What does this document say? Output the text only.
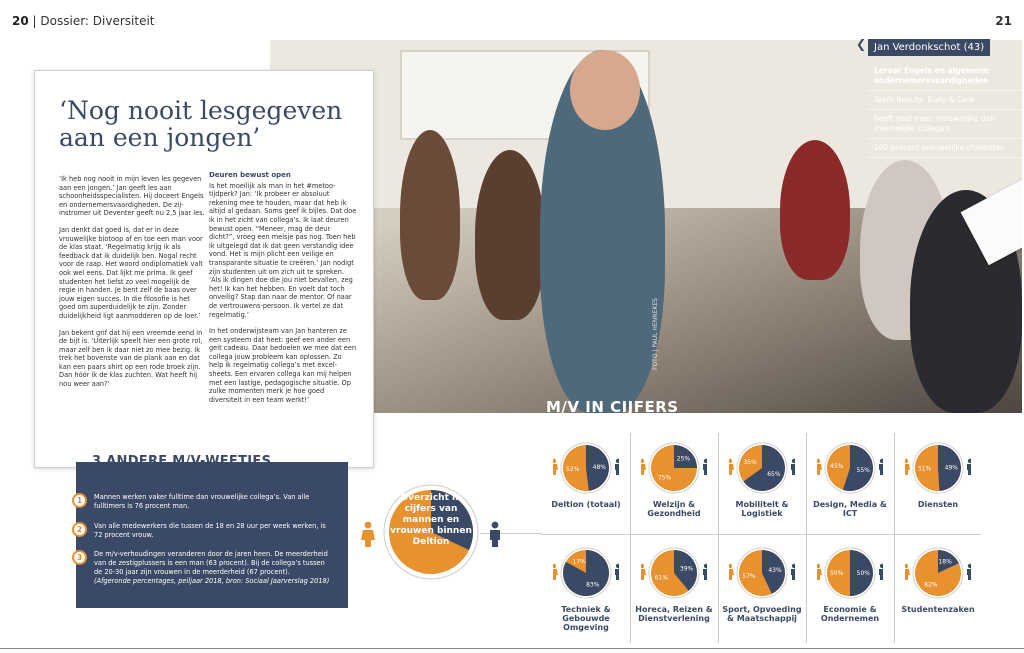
20 | Dossier: Diversiteit	21
FOTO | PAUL HENNEKES
M/V IN CIJFERS
❮ Jan Verdonkschot (43)
Leraar Engels en algemene ondernemersvaardigheden
Team Beauty, Body & Care
heeft veel meer vrouwelijke dan mannelijke collega's
100 procent vrouwelijke studenten
‘Nog nooit lesgegeven aan een jongen’

‘Ik heb nog nooit in mijn leven les gegeven aan een jongen.’ Jan geeft les aan schoonheidsspecialisten. Hij doceert Engels en ondernemersvaardigheden. De zij-instromer uit Deventer geeft nu 2,5 jaar les.

Jan denkt dat goed is, dat er in deze vrouwelijke biotoop af en toe een man voor de klas staat. ‘Regelmatig krijg ik als feedback dat ik duidelijk ben. Nogal recht voor de raap. Het woord ondiplomatiek valt ook wel eens. Dat lijkt me prima. Ik geef studenten het liefst zo veel mogelijk de regie in handen. Je bent zelf de baas over jouw eigen succes. In die filosofie is het goed om superduidelijk te zijn. Zonder duidelijkheid ligt aanmodderen op de loer.’

Jan bekent grif dat hij een vreemde eend in de bijt is. ‘Uiterlijk speelt hier een grote rol, maar zelf ben ik daar niet zo mee bezig. Ik trek het bovenste van de plank aan en dat kan een paars shirt op een rode broek zijn. Dan hóór ik de klas zuchten. Wat heeft hij nou weer aan?’

Deuren bewust open

Is het moeilijk als man in het #metoo-tijdperk? Jan: ‘Ik probeer er absoluut rekening mee te houden, maar dat heb ik altijd al gedaan. Soms geef ik bijles. Dat doe ik in het zicht van collega’s. Ik laat deuren bewust open. “Meneer, mag de deur dicht?”, vroeg een meisje pas nog. Toen heb ik uitgelegd dat ik dat geen verstandig idee vond. Het is mijn plicht een veilige en transparante situatie te creëren.’ Jan nodigt zijn studenten uit om zich uit te spreken. ‘Als ik dingen doe die jou niet bevallen, zeg het! Ik kan het hebben. En voelt dat toch onveilig? Stap dan naar de mentor. Of naar de vertrouwens-persoon. Ik vertel ze dat regelmatig.’

In het onderwijsteam van Jan hanteren ze een systeem dat heet: geef een ander een geit cadeau. Daar bedoelen we mee dat een collega jouw probleem kan oplossen. Zo help ik regelmatig collega’s met excel-sheets. Een ervaren collega kan mij helpen met een lastige, pedagogische situatie. Op zulke momenten merk je hoe goed diversiteit in een team werkt!’

1	Mannen werken vaker fulltime dan vrouwelijke collega’s. Van alle fulltimers is 76 procent man.
2	Van alle medewerkers die tussen de 18 en 28 uur per week werken, is 72 procent vrouw.
3	De m/v-verhoudingen veranderen door de jaren heen. De meerderheid van de zestigplussers is een man (63 procent). Bij de collega’s tussen de 20-30 jaar zijn vrouwen in de meerderheid (67 procent).
(Afgeronde percentages, peiljaar 2018, bron: Sociaal Jaarverslag 2018)
3 ANDERE M/V-WEETJES
Overzicht in cijfers van mannen en vrouwen binnen Deltion
48%
52%
Deltion (totaal)
25%
75%
Welzijn & Gezondheid
65%
35%
Mobiliteit & Logistiek
55%
45%
Design, Media & ICT
49%
51%
Diensten
83%
17%
Techniek & Gebouwde Omgeving
39%
61%
Horeca, Reizen & Dienstverlening
43%
57%
Sport, Opvoeding & Maatschappij
50%
50%
Economie & Ondernemen
18%
82%
Studentenzaken
